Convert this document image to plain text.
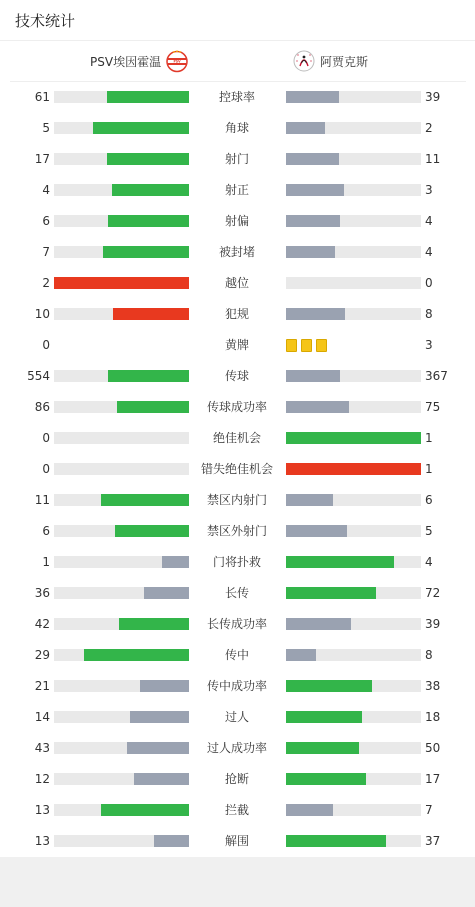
技术统计
PSV埃因霍温	PSV	阿贾克斯
61	控球率	39
5	角球	2
17	射门	11
4	射正	3
6	射偏	4
7	被封堵	4
2	越位	0
10	犯规	8
0	黄牌	3
554	传球	367
86	传球成功率	75
0	绝佳机会	1
0	错失绝佳机会	1
11	禁区内射门	6
6	禁区外射门	5
1	门将扑救	4
36	长传	72
42	长传成功率	39
29	传中	8
21	传中成功率	38
14	过人	18
43	过人成功率	50
12	抢断	17
13	拦截	7
13	解围	37
